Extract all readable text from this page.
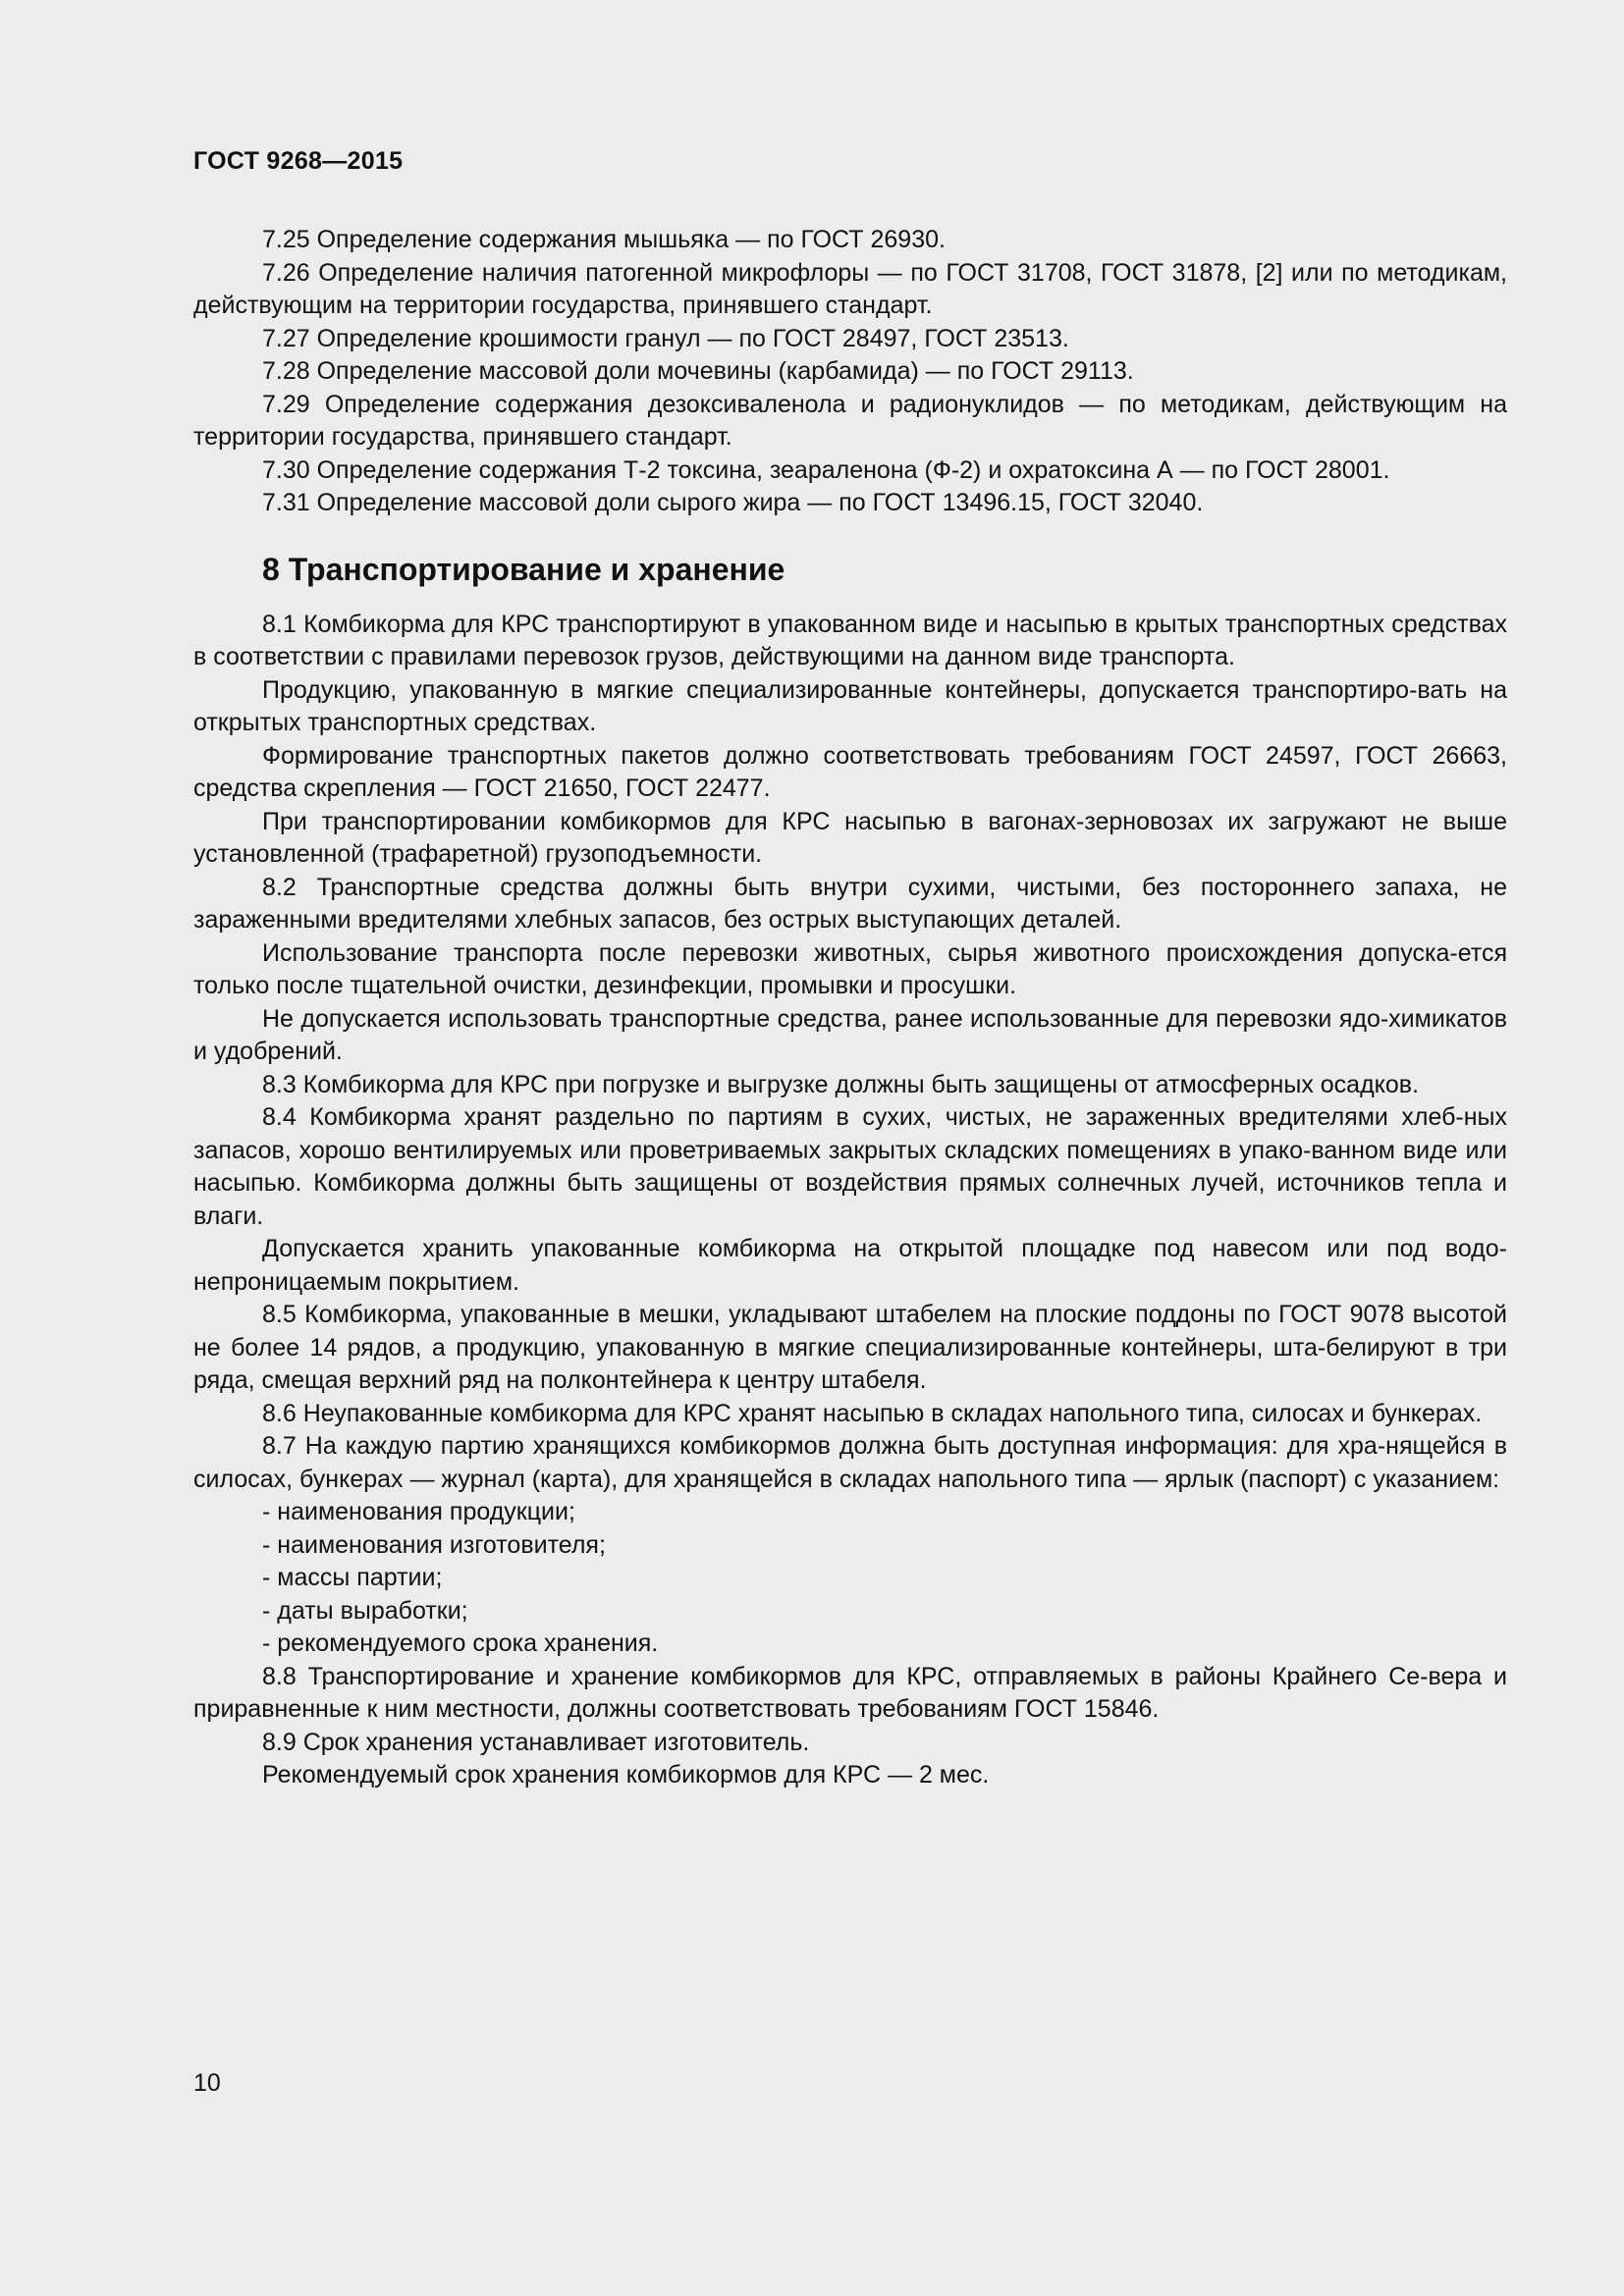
ГОСТ 9268—2015

7.25 Определение содержания мышьяка — по ГОСТ 26930.

7.26 Определение наличия патогенной микрофлоры — по ГОСТ 31708, ГОСТ 31878, [2] или по методикам, действующим на территории государства, принявшего стандарт.

7.27 Определение крошимости гранул — по ГОСТ 28497, ГОСТ 23513.

7.28 Определение массовой доли мочевины (карбамида) — по ГОСТ 29113.

7.29 Определение содержания дезоксиваленола и радионуклидов — по методикам, действующим на территории государства, принявшего стандарт.

7.30 Определение содержания Т-2 токсина, зеараленона (Ф-2) и охратоксина А — по ГОСТ 28001.

7.31 Определение массовой доли сырого жира — по ГОСТ 13496.15, ГОСТ 32040.

8 Транспортирование и хранение

8.1 Комбикорма для КРС транспортируют в упакованном виде и насыпью в крытых транспортных средствах в соответствии с правилами перевозок грузов, действующими на данном виде транспорта.

Продукцию, упакованную в мягкие специализированные контейнеры, допускается транспортиро-вать на открытых транспортных средствах.

Формирование транспортных пакетов должно соответствовать требованиям ГОСТ 24597, ГОСТ 26663, средства скрепления — ГОСТ 21650, ГОСТ 22477.

При транспортировании комбикормов для КРС насыпью в вагонах-зерновозах их загружают не выше установленной (трафаретной) грузоподъемности.

8.2 Транспортные средства должны быть внутри сухими, чистыми, без постороннего запаха, не зараженными вредителями хлебных запасов, без острых выступающих деталей.

Использование транспорта после перевозки животных, сырья животного происхождения допуска-ется только после тщательной очистки, дезинфекции, промывки и просушки.

Не допускается использовать транспортные средства, ранее использованные для перевозки ядо-химикатов и удобрений.

8.3 Комбикорма для КРС при погрузке и выгрузке должны быть защищены от атмосферных осадков.

8.4 Комбикорма хранят раздельно по партиям в сухих, чистых, не зараженных вредителями хлеб-ных запасов, хорошо вентилируемых или проветриваемых закрытых складских помещениях в упако-ванном виде или насыпью. Комбикорма должны быть защищены от воздействия прямых солнечных лучей, источников тепла и влаги.

Допускается хранить упакованные комбикорма на открытой площадке под навесом или под водо-непроницаемым покрытием.

8.5 Комбикорма, упакованные в мешки, укладывают штабелем на плоские поддоны по ГОСТ 9078 высотой не более 14 рядов, а продукцию, упакованную в мягкие специализированные контейнеры, шта-белируют в три ряда, смещая верхний ряд на полконтейнера к центру штабеля.

8.6 Неупакованные комбикорма для КРС хранят насыпью в складах напольного типа, силосах и бункерах.

8.7 На каждую партию хранящихся комбикормов должна быть доступная информация: для хра-нящейся в силосах, бункерах — журнал (карта), для хранящейся в складах напольного типа — ярлык (паспорт) с указанием:

- наименования продукции;

- наименования изготовителя;

- массы партии;

- даты выработки;

- рекомендуемого срока хранения.

8.8 Транспортирование и хранение комбикормов для КРС, отправляемых в районы Крайнего Се-вера и приравненные к ним местности, должны соответствовать требованиям ГОСТ 15846.

8.9 Срок хранения устанавливает изготовитель.

Рекомендуемый срок хранения комбикормов для КРС — 2 мес.

10
